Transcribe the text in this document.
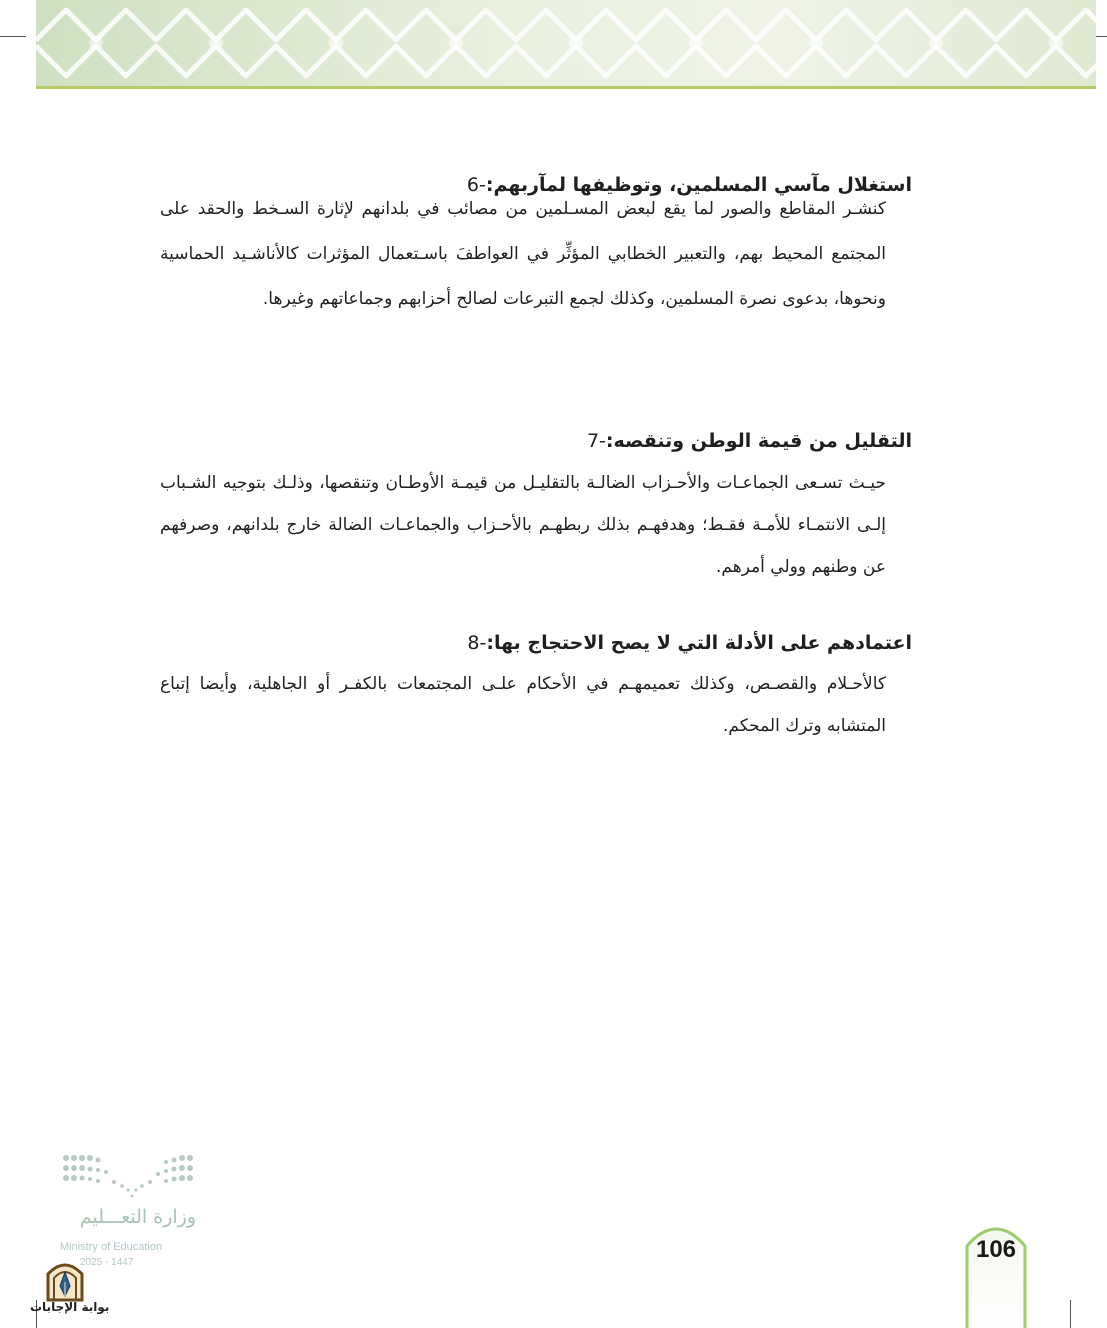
استغلال مآسي المسلمين، وتوظيفها لمآربهم:-6

كنشـر المقاطع والصور لما يقع لبعض المسـلمين من مصائب في بلدانهم لإثارة السـخط والحقد على المجتمع المحيط بهم، والتعبير الخطابي المؤثِّر في العواطفَ باسـتعمال المؤثرات كالأناشـيد الحماسية ونحوها، بدعوى نصرة المسلمين، وكذلك لجمع التبرعات لصالح أحزابهم وجماعاتهم وغيرها.

التقليل من قيمة الوطن وتنقصه:-7

حيـث تسـعى الجماعـات والأحـزاب الضالـة بالتقليـل من قيمـة الأوطـان وتنقصها، وذلـك بتوجيه الشـباب إلـى الانتمـاء للأمـة فقـط؛ وهدفهـم بذلك ربطهـم بالأحـزاب والجماعـات الضالة خارج بلدانهم، وصرفهم عن وطنهم وولي أمرهم.

اعتمادهم على الأدلة التي لا يصح الاحتجاج بها:-8

كالأحـلام والقصـص، وكذلك تعميمهـم في الأحكام علـى المجتمعات بالكفـر أو الجاهلية، وأيضا إتباع المتشابه وترك المحكم.

106
وزارة التعـــليم
Ministry of Education
2025 - 1447
بوابة الإجابات
